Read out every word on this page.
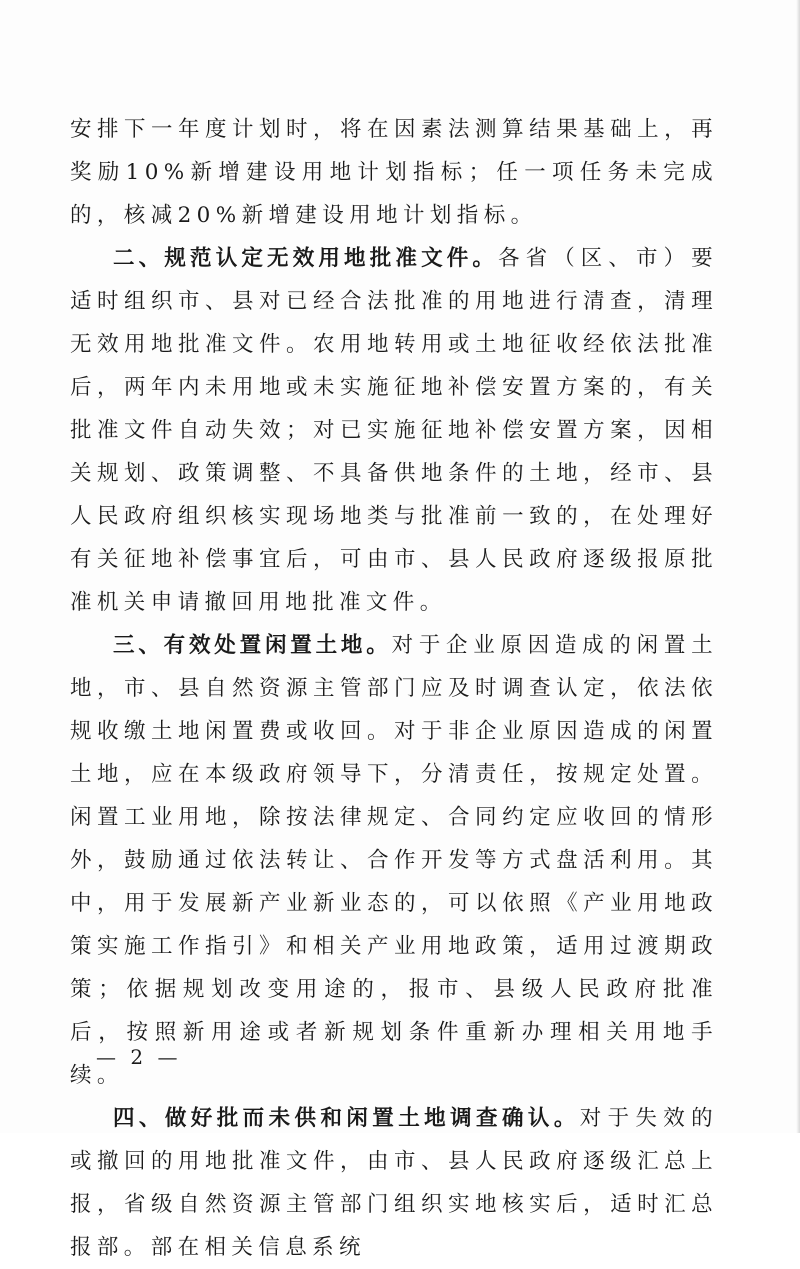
安排下一年度计划时，将在因素法测算结果基础上，再奖励10%新增建设用地计划指标；任一项任务未完成的，核减20%新增建设用地计划指标。

二、规范认定无效用地批准文件。各省（区、市）要适时组织市、县对已经合法批准的用地进行清查，清理无效用地批准文件。农用地转用或土地征收经依法批准后，两年内未用地或未实施征地补偿安置方案的，有关批准文件自动失效；对已实施征地补偿安置方案，因相关规划、政策调整、不具备供地条件的土地，经市、县人民政府组织核实现场地类与批准前一致的，在处理好有关征地补偿事宜后，可由市、县人民政府逐级报原批准机关申请撤回用地批准文件。

三、有效处置闲置土地。对于企业原因造成的闲置土地，市、县自然资源主管部门应及时调查认定，依法依规收缴土地闲置费或收回。对于非企业原因造成的闲置土地，应在本级政府领导下，分清责任，按规定处置。闲置工业用地，除按法律规定、合同约定应收回的情形外，鼓励通过依法转让、合作开发等方式盘活利用。其中，用于发展新产业新业态的，可以依照《产业用地政策实施工作指引》和相关产业用地政策，适用过渡期政策；依据规划改变用途的，报市、县级人民政府批准后，按照新用途或者新规划条件重新办理相关用地手续。

四、做好批而未供和闲置土地调查确认。对于失效的或撤回的用地批准文件，由市、县人民政府逐级汇总上报，省级自然资源主管部门组织实地核实后，适时汇总报部。部在相关信息系统

— 2 —
